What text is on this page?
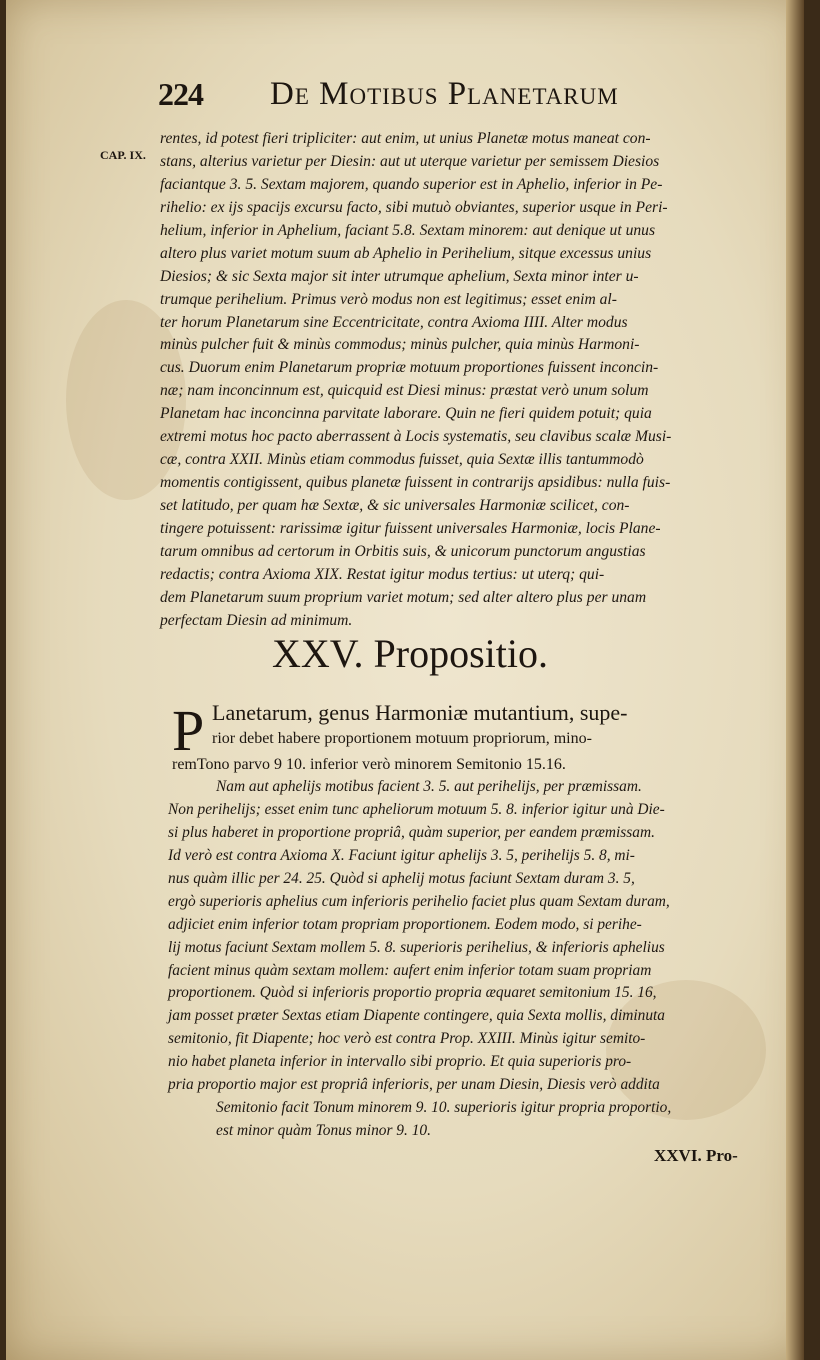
224 De Motibus Planetarum
CAP. IX.
rentes, id potest fieri tripliciter: aut enim, ut unius Planetæ motus maneat con-
stans, alterius varietur per Diesin: aut ut uterque varietur per semissem Diesios
faciantque 3. 5. Sextam majorem, quando superior est in Aphelio, inferior in Pe-
rihelio: ex ijs spacijs excursu facto, sibi mutuò obviantes, superior usque in Peri-
helium, inferior in Aphelium, faciant 5.8. Sextam minorem: aut denique ut unus
altero plus variet motum suum ab Aphelio in Perihelium, sitque excessus unius
Diesios; & sic Sexta major sit inter utrumque aphelium, Sexta minor inter u-
trumque perihelium. Primus verò modus non est legitimus; esset enim al-
ter horum Planetarum sine Eccentricitate, contra Axioma IIII. Alter modus
minùs pulcher fuit & minùs commodus; minùs pulcher, quia minùs Harmoni-
cus. Duorum enim Planetarum propriæ motuum proportiones fuissent inconcin-
næ; nam inconcinnum est, quicquid est Diesi minus: præstat verò unum solum
Planetam hac inconcinna parvitate laborare. Quin ne fieri quidem potuit; quia
extremi motus hoc pacto aberrassent à Locis systematis, seu clavibus scalæ Musi-
cæ, contra XXII. Minùs etiam commodus fuisset, quia Sextæ illis tantummodò
momentis contigissent, quibus planetæ fuissent in contrarijs apsidibus: nulla fuis-
set latitudo, per quam hæ Sextæ, & sic universales Harmoniæ scilicet, con-
tingere potuissent: rarissimæ igitur fuissent universales Harmoniæ, locis Plane-
tarum omnibus ad certorum in Orbitis suis, & unicorum punctorum angustias
redactis; contra Axioma XIX. Restat igitur modus tertius: ut uterq; qui-
dem Planetarum suum proprium variet motum; sed alter altero plus per unam
perfectam Diesin ad minimum.
XXV. Propositio.
P Lanetarum, genus Harmoniæ mutantium, supe-
rior debet habere proportionem motuum propriorum, mino-
remTono parvo 9 10. inferior verò minorem Semitonio 15.16.
Nam aut aphelijs motibus facient 3. 5. aut perihelijs, per præmissam.
Non perihelijs; esset enim tunc apheliorum motuum 5. 8. inferior igitur unà Die-
si plus haberet in proportione propriâ, quàm superior, per eandem præmissam.
Id verò est contra Axioma X. Faciunt igitur aphelijs 3. 5, perihelijs 5. 8, mi-
nus quàm illic per 24. 25. Quòd si aphelij motus faciunt Sextam duram 3. 5,
ergò superioris aphelius cum inferioris perihelio faciet plus quam Sextam duram,
adjiciet enim inferior totam propriam proportionem. Eodem modo, si perihe-
lij motus faciunt Sextam mollem 5. 8. superioris perihelius, & inferioris aphelius
facient minus quàm sextam mollem: aufert enim inferior totam suam propriam
proportionem. Quòd si inferioris proportio propria æquaret semitonium 15. 16,
jam posset præter Sextas etiam Diapente contingere, quia Sexta mollis, diminuta
semitonio, fit Diapente; hoc verò est contra Prop. XXIII. Minùs igitur semito-
nio habet planeta inferior in intervallo sibi proprio. Et quia superioris pro-
pria proportio major est propriâ inferioris, per unam Diesin, Diesis verò addita
Semitonio facit Tonum minorem 9. 10. superioris igitur propria proportio,
est minor quàm Tonus minor 9. 10.
XXVI. Pro-
